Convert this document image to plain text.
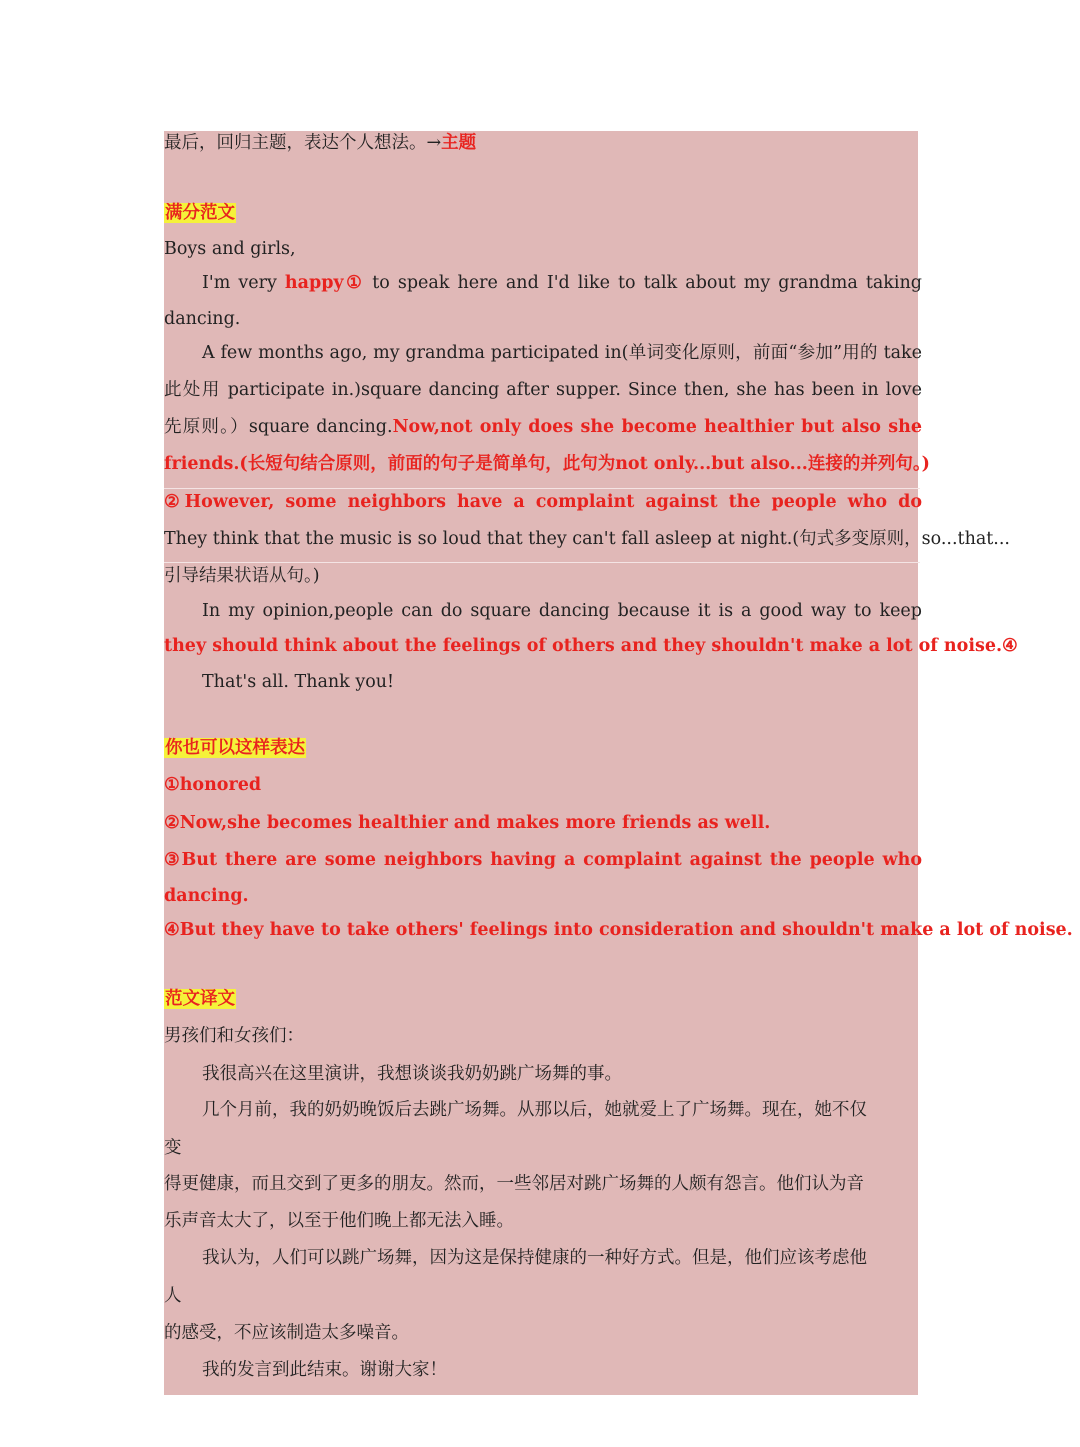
最后，回归主题，表达个人想法。→主题
满分范文
Boys and girls,
I'm very happy① to speak here and I'd like to talk about my grandma taking
dancing.
A few months ago, my grandma participated in(单词变化原则，前面“参加”用的 take
此处用 participate in.)square dancing after supper. Since then, she has been in love
先原则。）square dancing.Now,not only does she become healthier but also she
friends.(长短句结合原则，前面的句子是简单句，此句为not only...but also...连接的并列句。)
②However, some neighbors have a complaint against the people who do
They think that the music is so loud that they can't fall asleep at night.(句式多变原则，so...that...
引导结果状语从句。)
In my opinion,people can do square dancing because it is a good way to keep
they should think about the feelings of others and they shouldn't make a lot of noise.④
That's all. Thank you!
你也可以这样表达
①honored
②Now,she becomes healthier and makes more friends as well.
③But there are some neighbors having a complaint against the people who
dancing.
④But they have to take others' feelings into consideration and shouldn't make a lot of noise.
范文译文
男孩们和女孩们：
我很高兴在这里演讲，我想谈谈我奶奶跳广场舞的事。
几个月前，我的奶奶晚饭后去跳广场舞。从那以后，她就爱上了广场舞。现在，她不仅
变
得更健康，而且交到了更多的朋友。然而，一些邻居对跳广场舞的人颇有怨言。他们认为音
乐声音太大了，以至于他们晚上都无法入睡。
我认为，人们可以跳广场舞，因为这是保持健康的一种好方式。但是，他们应该考虑他
人
的感受，不应该制造太多噪音。
我的发言到此结束。谢谢大家！
